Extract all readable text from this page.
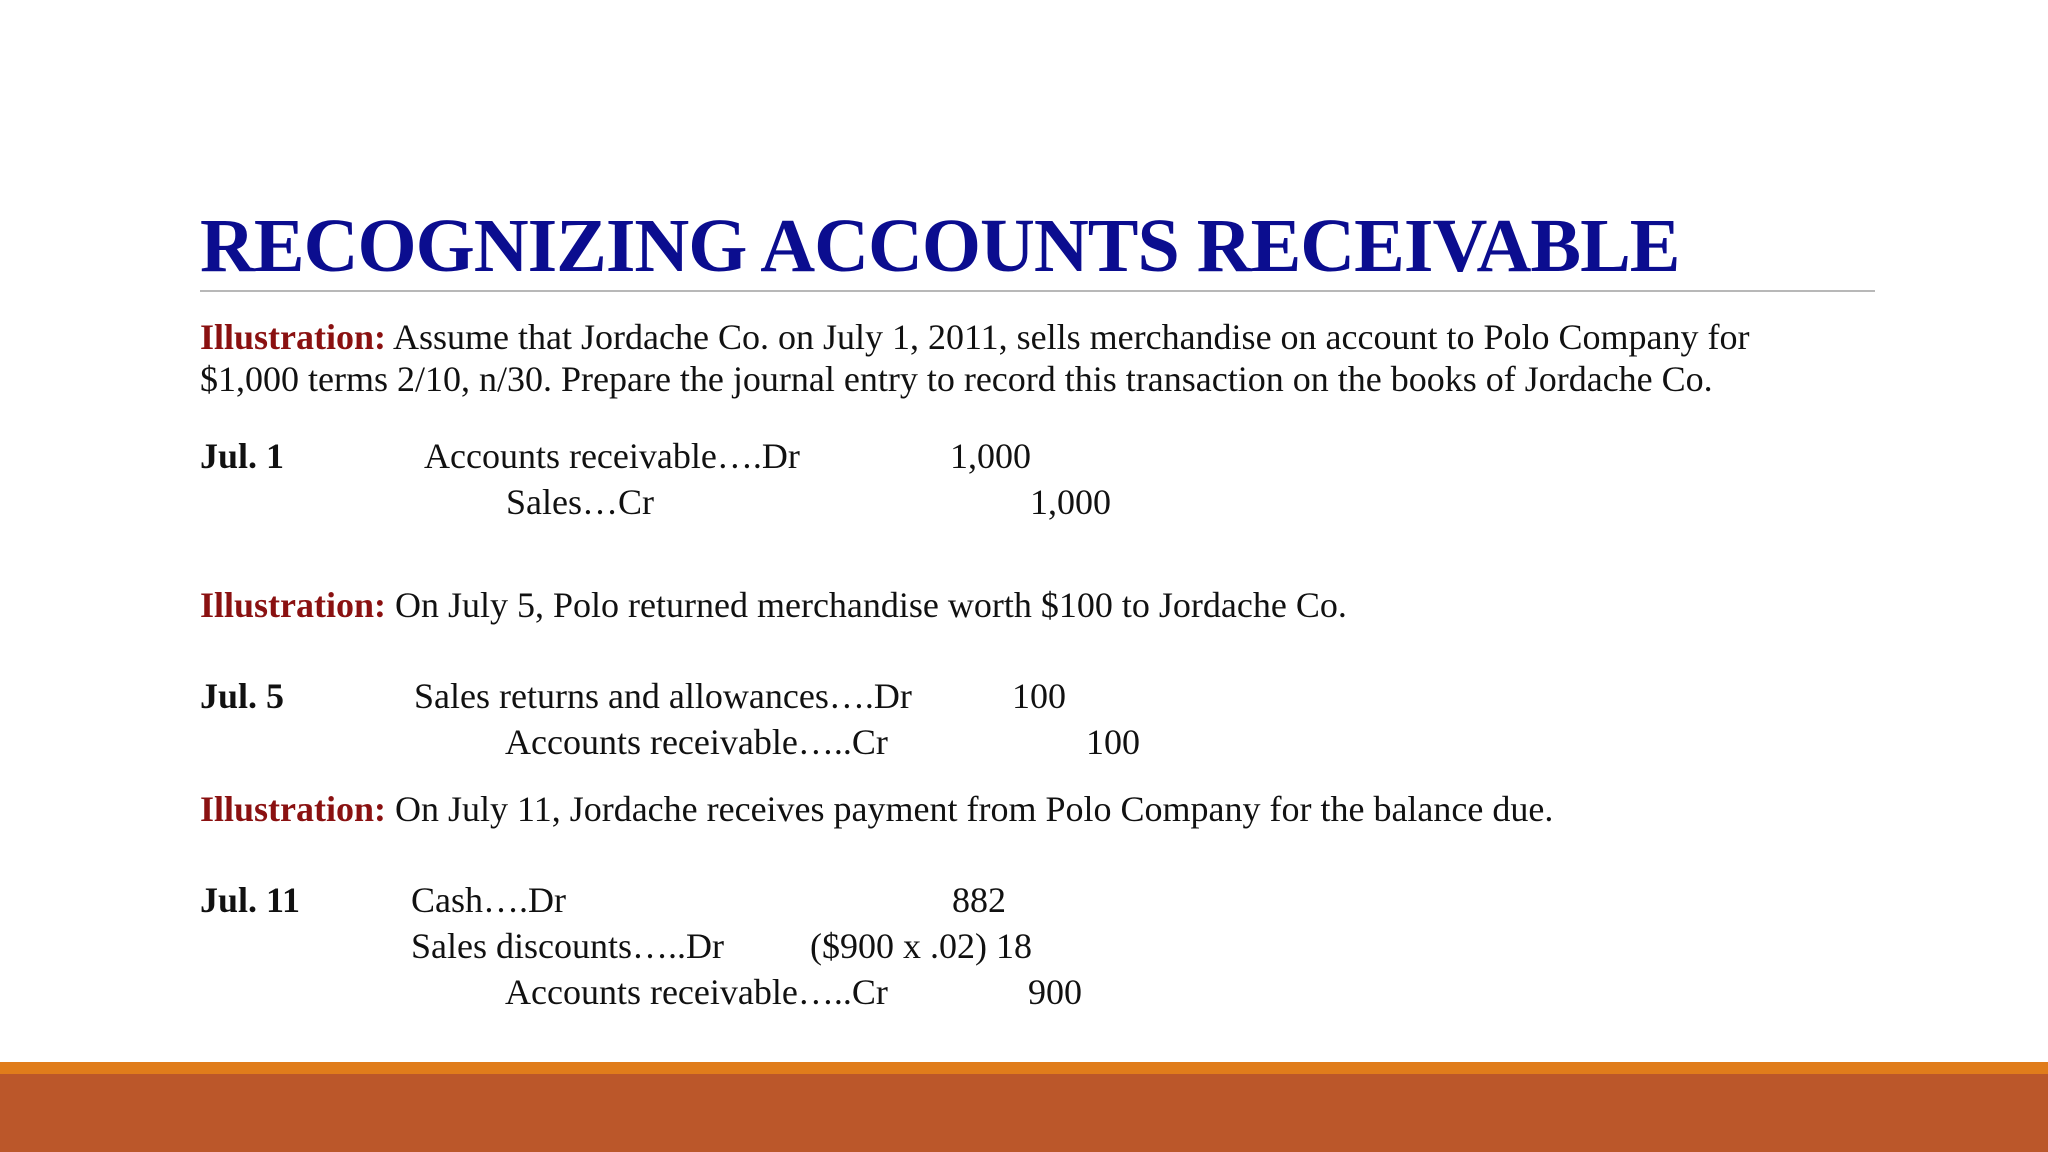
RECOGNIZING ACCOUNTS RECEIVABLE
Illustration: Assume that Jordache Co. on July 1, 2011, sells merchandise on account to Polo Company for
$1,000 terms 2/10, n/30. Prepare the journal entry to record this transaction on the books of Jordache Co.
Jul. 1	Accounts receivable….Dr	1,000
Sales…Cr	1,000
Illustration: On July 5, Polo returned merchandise worth $100 to Jordache Co.
Jul. 5	Sales returns and allowances….Dr	100
Accounts receivable…..Cr	100
Illustration: On July 11, Jordache receives payment from Polo Company for the balance due.
Jul. 11	Cash….Dr	882
Sales discounts…..Dr ($900 x .02) 18
Accounts receivable…..Cr	900
